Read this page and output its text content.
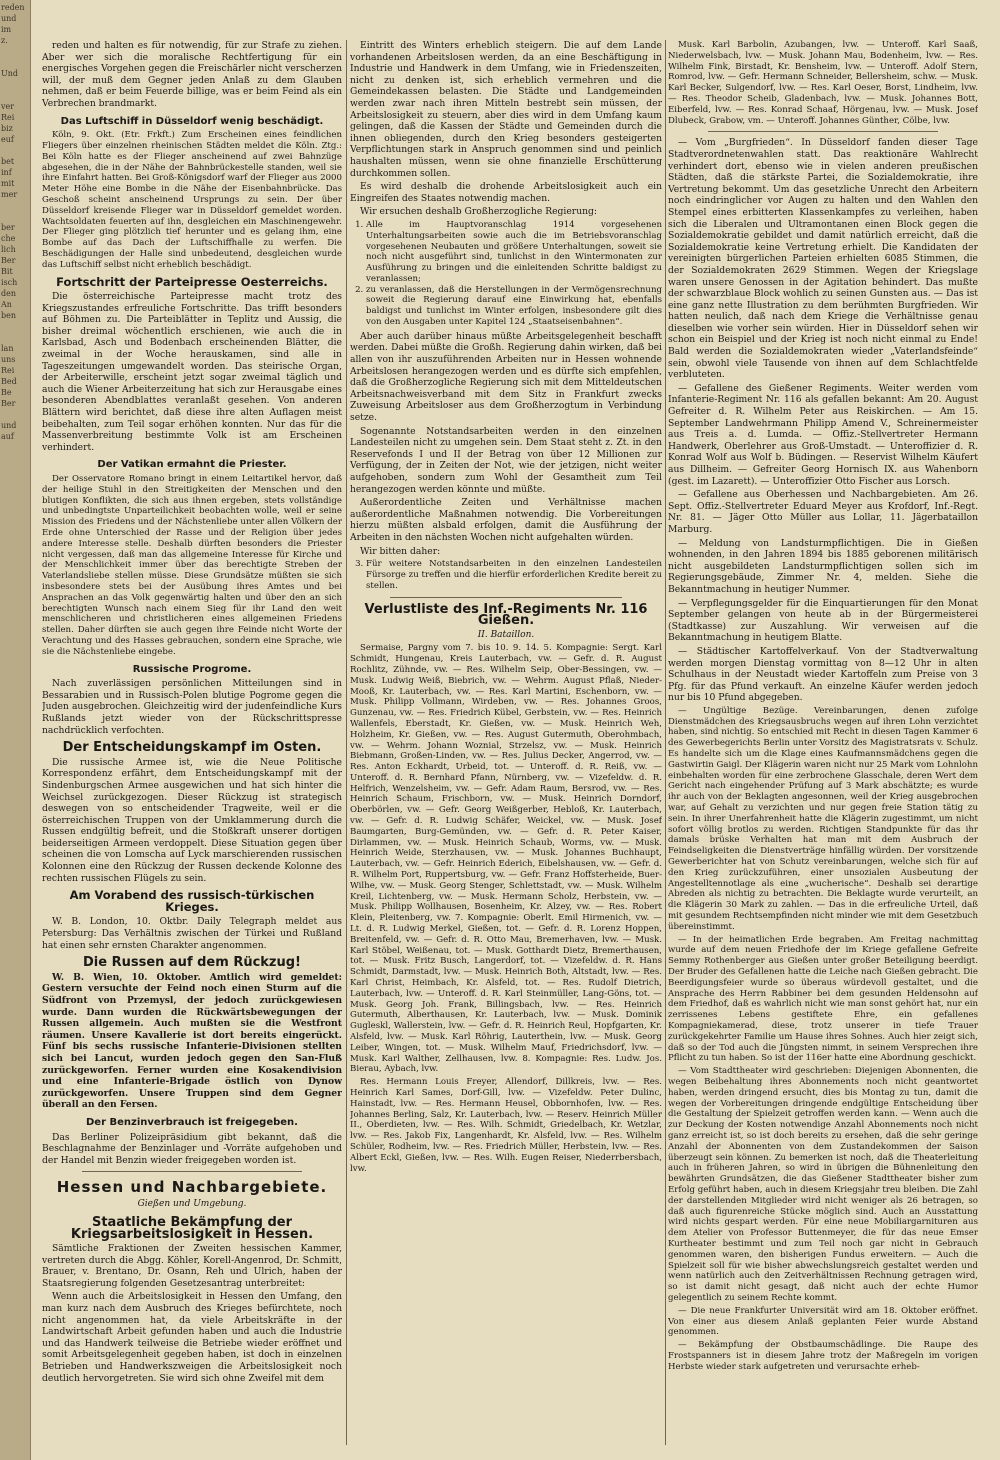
reden
und
im
z.

Und

ver
Rei
biz
euf

bet
inf
mit
mer

ber
che
lich
Ber
Bit
isch
den
An
ben

lan
uns
Rei
Bed
Be
Ber

und
auf

reden und halten es für notwendig, für zur Strafe zu ziehen. Aber wer sich die moralische Rechtfertigung für ein energisches Vorgehen gegen die Freischärler nicht verscherzen will, der muß dem Gegner jeden Anlaß zu dem Glauben nehmen, daß er beim Feuerde billige, was er beim Feind als ein Verbrechen brandmarkt.

Das Luftschiff in Düsseldorf wenig beschädigt.

Köln, 9. Okt. (Etr. Frkft.) Zum Erscheinen eines feindlichen Fliegers über einzelnen rheinischen Städten meldet die Köln. Ztg.: Bei Köln hatte es der Flieger anscheinend auf zwei Bahnzüge abgesehen, die in der Nähe der Bahnbrückestelle standen, weil sie ihre Einfahrt hatten. Bei Groß-Königsdorf warf der Flieger aus 2000 Meter Höhe eine Bombe in die Nähe der Eisenbahnbrücke. Das Geschoß scheint anscheinend Ursprungs zu sein. Der über Düsseldorf kreisende Flieger war in Düsseldorf gemeldet worden. Wachtsoldaten feuerten auf ihn, desgleichen ein Maschinengewehr. Der Flieger ging plötzlich tief herunter und es gelang ihm, eine Bombe auf das Dach der Luftschiffhalle zu werfen. Die Beschädigungen der Halle sind unbedeutend, desgleichen wurde das Luftschiff selbst nicht erheblich beschädigt.

Fortschritt der Parteipresse Oesterreichs.

Die österreichische Parteipresse macht trotz des Kriegszustandes erfreuliche Fortschritte. Das trifft besonders auf Böhmen zu. Die Parteiblätter in Teplitz und Aussig, die bisher dreimal wöchentlich erschienen, wie auch die in Karlsbad, Asch und Bodenbach erscheinenden Blätter, die zweimal in der Woche herauskamen, sind alle in Tageszeitungen umgewandelt worden. Das steirische Organ, der Arbeiterwille, erscheint jetzt sogar zweimal täglich und auch die Wiener Arbeiterzeitung hat sich zur Herausgabe eines besonderen Abendblattes veranlaßt gesehen. Von anderen Blättern wird berichtet, daß diese ihre alten Auflagen meist beibehalten, zum Teil sogar erhöhen konnten. Nur das für die Massenverbreitung bestimmte Volk ist am Erscheinen verhindert.

Der Vatikan ermahnt die Priester.

Der Osservatore Romano bringt in einem Leitartikel hervor, daß der heilige Stuhl in den Streitigkeiten der Menschen und den blutigen Konflikten, die sich aus ihnen ergeben, stets vollständige und unbedingtste Unparteilichkeit beobachten wolle, weil er seine Mission des Friedens und der Nächstenliebe unter allen Völkern der Erde ohne Unterschied der Rasse und der Religion über jedes andere Interesse stelle. Deshalb dürften besonders die Priester nicht vergessen, daß man das allgemeine Interesse für Kirche und der Menschlichkeit immer über das berechtigte Streben der Vaterlandsliebe stellen müsse. Diese Grundsätze müßten sie sich insbesondere stets bei der Ausübung ihres Amtes und bei Ansprachen an das Volk gegenwärtig halten und über den an sich berechtigten Wunsch nach einem Sieg für ihr Land den weit menschlicheren und christlicheren eines allgemeinen Friedens stellen. Daher dürften sie auch gegen ihre Feinde nicht Worte der Verachtung und des Hasses gebrauchen, sondern eine Sprache, wie sie die Nächstenliebe eingebe.

Russische Progrome.

Nach zuverlässigen persönlichen Mitteilungen sind in Bessarabien und in Russisch-Polen blutige Pogrome gegen die Juden ausgebrochen. Gleichzeitig wird der judenfeindliche Kurs Rußlands jetzt wieder von der Rückschrittspresse nachdrücklich verfochten.

Der Entscheidungskampf im Osten.

Die russische Armee ist, wie die Neue Politische Korrespondenz erfährt, dem Entscheidungskampf mit der Sindenburgschen Armee ausgewichen und hat sich hinter die Weichsel zurückgezogen. Dieser Rückzug ist strategisch deswegen von so entscheidender Tragweite, weil er die österreichischen Truppen von der Umklammerung durch die Russen endgültig befreit, und die Stoßkraft unserer dortigen beiderseitigen Armeen verdoppelt. Diese Situation gegen über scheinen die von Lomscha auf Lyck marschierenden russischen Kolonnen eine den Rückzug der Russen deckende Kolonne des rechten russischen Flügels zu sein.

Am Vorabend des russisch-türkischen Krieges.

W. B. London, 10. Oktbr. Daily Telegraph meldet aus Petersburg: Das Verhältnis zwischen der Türkei und Rußland hat einen sehr ernsten Charakter angenommen.

Die Russen auf dem Rückzug!

W. B. Wien, 10. Oktober. Amtlich wird gemeldet: Gestern versuchte der Feind noch einen Sturm auf die Südfront von Przemysl, der jedoch zurückgewiesen wurde. Dann wurden die Rückwärtsbewegungen der Russen allgemein. Auch mußten sie die Westfront räumen. Unsere Kavallerie ist dort bereits eingerückt. Fünf bis sechs russische Infanterie-Divisionen stellten sich bei Lancut, wurden jedoch gegen den San-Fluß zurückgeworfen. Ferner wurden eine Kosakendivision und eine Infanterie-Brigade östlich von Dynow zurückgeworfen. Unsere Truppen sind dem Gegner überall an den Fersen.

Der Benzinverbrauch ist freigegeben.

Das Berliner Polizeipräsidium gibt bekannt, daß die Beschlagnahme der Benzinlager und -Vorräte aufgehoben und der Handel mit Benzin wieder freigegeben worden ist.

Hessen und Nachbargebiete.
Gießen und Umgebung.
Staatliche Bekämpfung der Kriegsarbeitslosigkeit in Hessen.

Sämtliche Fraktionen der Zweiten hessischen Kammer, vertreten durch die Abgg. Köhler, Korell-Angenrod, Dr. Schmitt, Brauer, v. Brentano, Dr. Osann, Reh und Ulrich, haben der Staatsregierung folgenden Gesetzesantrag unterbreitet:

Wenn auch die Arbeitslosigkeit in Hessen den Umfang, den man kurz nach dem Ausbruch des Krieges befürchtete, noch nicht angenommen hat, da viele Arbeitskräfte in der Landwirtschaft Arbeit gefunden haben und auch die Industrie und das Handwerk teilweise die Betriebe wieder eröffnet und somit Arbeitsgelegenheit gegeben haben, ist doch in einzelnen Betrieben und Handwerkszweigen die Arbeitslosigkeit noch deutlich hervorgetreten. Sie wird sich ohne Zweifel mit dem

Eintritt des Winters erheblich steigern. Die auf dem Lande vorhandenen Arbeitslosen werden, da an eine Beschäftigung in Industrie und Handwerk in dem Umfang, wie in Friedenszeiten, nicht zu denken ist, sich erheblich vermehren und die Gemeindekassen belasten. Die Städte und Landgemeinden werden zwar nach ihren Mitteln bestrebt sein müssen, der Arbeitslosigkeit zu steuern, aber dies wird in dem Umfang kaum gelingen, daß die Kassen der Städte und Gemeinden durch die ihnen obliegenden, durch den Krieg besonders gesteigerten Verpflichtungen stark in Anspruch genommen sind und peinlich haushalten müssen, wenn sie ohne finanzielle Erschütterung durchkommen sollen.

Es wird deshalb die drohende Arbeitslosigkeit auch ein Eingreifen des Staates notwendig machen.

Wir ersuchen deshalb Großherzogliche Regierung:

1. Alle im Hauptvoranschlag 1914 vorgesehenen Unterhaltungsarbeiten sowie auch die im Betriebsvoranschlag vorgesehenen Neubauten und größere Unterhaltungen, soweit sie noch nicht ausgeführt sind, tunlichst in den Wintermonaten zur Ausführung zu bringen und die einleitenden Schritte baldigst zu veranlassen;
2. zu veranlassen, daß die Herstellungen in der Vermögensrechnung soweit die Regierung darauf eine Einwirkung hat, ebenfalls baldigst und tunlichst im Winter erfolgen, insbesondere gilt dies von den Ausgaben unter Kapitel 124 „Staatseisenbahnen“.

Aber auch darüber hinaus müßte Arbeitsgelegenheit beschafft werden. Dabei müßte die Großh. Regierung dahin wirken, daß bei allen von ihr auszuführenden Arbeiten nur in Hessen wohnende Arbeitslosen herangezogen werden und es dürfte sich empfehlen, daß die Großherzogliche Regierung sich mit dem Mitteldeutschen Arbeitsnachweisverband mit dem Sitz in Frankfurt zwecks Zuweisung Arbeitsloser aus dem Großherzogtum in Verbindung setze.

Sogenannte Notstandsarbeiten werden in den einzelnen Landesteilen nicht zu umgehen sein. Dem Staat steht z. Zt. in den Reservefonds I und II der Betrag von über 12 Millionen zur Verfügung, der in Zeiten der Not, wie der jetzigen, nicht weiter aufgehoben, sondern zum Wohl der Gesamtheit zum Teil herangezogen werden könnte und müßte.

Außerordentliche Zeiten und Verhältnisse machen außerordentliche Maßnahmen notwendig. Die Vorbereitungen hierzu müßten alsbald erfolgen, damit die Ausführung der Arbeiten in den nächsten Wochen nicht aufgehalten würden.

Wir bitten daher:

3. Für weitere Notstandsarbeiten in den einzelnen Landesteilen Fürsorge zu treffen und die hierfür erforderlichen Kredite bereit zu stellen.
Verlustliste des Inf.-Regiments Nr. 116 Gießen.
II. Bataillon.

Sermaise, Pargny vom 7. bis 10. 9. 14. 5. Kompagnie: Sergt. Karl Schmidt, Hungenau, Kreis Lauterbach, vw. — Gefr. d. R. August Rochlitz, Zühnde, vw. — Res. Wilhelm Seip, Ober-Bessingen, vw. — Musk. Ludwig Weiß, Biebrich, vw. — Wehrm. August Pflaß, Nieder-Mooß, Kr. Lauterbach, vw. — Res. Karl Martini, Eschenborn, vw. — Musk. Philipp Vollmann, Wirdeben, vw. — Res. Johannes Groos, Gunzenau, vw. — Res. Friedrich Kübel, Gerbstein, vw. — Res. Heinrich Wallenfels, Eberstadt, Kr. Gießen, vw. — Musk. Heinrich Weh, Holzheim, Kr. Gießen, vw. — Res. August Gutermuth, Oberohmbach, vw. — Wehrm. Johann Woznial, Strzelsz, vw. — Musk. Heinrich Biebmann, Großen-Linden, vw. — Res. Julius Decker, Angerrod, vw. — Res. Anton Eckhardt, Urbeid, tot. — Unteroff. d. R. Reiß, vw. — Unteroff. d. R. Bernhard Pfann, Nürnberg, vw. — Vizefeldw. d. R. Helfrich, Wenzelsheim, vw. — Gefr. Adam Raum, Bersrod, vw. — Res. Heinrich Schaum, Frischborn, vw. — Musk. Heinrich Dorndorf, Oberbörlen, vw. — Gefr. Georg Weißgerber, Hebloß, Kr. Lauterbach, vw. — Gefr. d. R. Ludwig Schäfer, Weickel, vw. — Musk. Josef Baumgarten, Burg-Gemünden, vw. — Gefr. d. R. Peter Kaiser, Dirlammen, vw. — Musk. Heinrich Schaub, Worms, vw. — Musk. Heinrich Weide, Sterzhausen, vw. — Musk. Johannes Buchhaupt, Lauterbach, vw. — Gefr. Heinrich Ederich, Eibelshausen, vw. — Gefr. d. R. Wilhelm Port, Ruppertsburg, vw. — Gefr. Franz Hoffsterheide, Buer-Wilhe, vw. — Musk. Georg Stenger, Schlettstadt, vw. — Musk. Wilhelm Kreil, Lichtenberg, vw. — Musk. Hermann Scholz, Herbstein, vw. — Musk. Philipp Wollhausen, Bosenheim, Kr. Alzey, vw. — Res. Robert Klein, Pleitenberg, vw. 7. Kompagnie: Oberlt. Emil Hirmenich, vw. — Lt. d. R. Ludwig Merkel, Gießen, tot. — Gefr. d. R. Lorenz Hoppen, Breitenfeld, vw. — Gefr. d. R. Otto Mau, Bremerhaven, lvw. — Musk. Karl Stöbel, Weißenau, tot. — Musk. Gotthardt Dietz, Bremerthausen, tot. — Musk. Fritz Busch, Langerdorf, tot. — Vizefeldw. d. R. Hans Schmidt, Darmstadt, lvw. — Musk. Heinrich Both, Altstadt, lvw. — Res. Karl Christ, Heimbach, Kr. Alsfeld, tot. — Res. Rudolf Dietrich, Lauterbach, lvw. — Unteroff. d. R. Karl Steinmüller, Lang-Göns, tot. — Musk. Georg Joh. Frank, Billingsbach, lvw. — Res. Heinrich Gutermuth, Alberthausen, Kr. Lauterbach, lvw. — Musk. Dominik Gugleskl, Wallerstein, lvw. — Gefr. d. R. Heinrich Reul, Hopfgarten, Kr. Alsfeld, lvw. — Musk. Karl Röhrig, Lauterthein, lvw. — Musk. Georg Leiber, Wingen, tot. — Musk. Wilhelm Mauf, Friedrichsdorf, lvw. — Musk. Karl Walther, Zellhausen, lvw. 8. Kompagnie: Res. Ludw. Jos. Bierau, Aybach, lvw.

Res. Hermann Louis Freyer, Allendorf, Dillkreis, lvw. — Res. Heinrich Karl Sames, Dorf-Gill, lvw. — Vizefeldw. Peter Dulinc, Hainstadt, lvw. — Res. Hermann Heusel, Obbornhofen, lvw. — Res. Johannes Berling, Salz, Kr. Lauterbach, lvw. — Reserv. Heinrich Müller II., Oberdieten, lvw. — Res. Wilh. Schmidt, Griedelbach, Kr. Wetzlar, lvw. — Res. Jakob Fix, Langenhardt, Kr. Alsfeld, lvw. — Res. Wilhelm Schüler, Rodheim, lvw. — Res. Friedrich Müller, Herbstein, lvw. — Res. Albert Eckl, Gießen, lvw. — Res. Wilh. Eugen Reiser, Niederrbersbach, lvw.

Musk. Karl Barbolin, Azubangen, lvw. — Unteroff. Karl Saaß, Niederwelsbach, lvw. — Musk. Johann Mau, Bodenheim, lvw. — Res. Wilhelm Fink, Birstadt, Kr. Bensheim, lvw. — Unteroff. Adolf Stern, Romrod, lvw. — Gefr. Hermann Schneider, Bellersheim, schw. — Musk. Karl Becker, Sulgendorf, lvw. — Res. Karl Oeser, Borst, Lindheim, lvw. — Res. Theodor Scheib, Gladenbach, lvw. — Musk. Johannes Bott, Eiberfeld, lvw. — Res. Konrad Schaaf, Hörgenau, lvw. — Musk. Josef Dlubeck, Grabow, vm. — Unteroff. Johannes Günther, Cölbe, lvw.

— Vom „Burgfrieden“. In Düsseldorf fanden dieser Tage Stadtverordnetenwahlen statt. Das reaktionäre Wahlrecht verhindert dort, ebenso wie in vielen anderen preußischen Städten, daß die stärkste Partei, die Sozialdemokratie, ihre Vertretung bekommt. Um das gesetzliche Unrecht den Arbeitern noch eindringlicher vor Augen zu halten und den Wahlen den Stempel eines erbitterten Klassenkampfes zu verleihen, haben sich die Liberalen und Ultramontanen einen Block gegen die Sozialdemokratie gebildet und damit natürlich erreicht, daß die Sozialdemokratie keine Vertretung erhielt. Die Kandidaten der vereinigten bürgerlichen Parteien erhielten 6085 Stimmen, die der Sozialdemokraten 2629 Stimmen. Wegen der Kriegslage waren unsere Genossen in der Agitation behindert. Das mußte der schwarzblaue Block wohlich zu seinen Gunsten aus. — Das ist eine ganz nette Illustration zu dem berühmten Burgfrieden. Wir hatten neulich, daß nach dem Kriege die Verhältnisse genau dieselben wie vorher sein würden. Hier in Düsseldorf sehen wir schon ein Beispiel und der Krieg ist noch nicht einmal zu Ende! Bald werden die Sozialdemokraten wieder „Vaterlandsfeinde“ sein, obwohl viele Tausende von ihnen auf dem Schlachtfelde verbluteten.

— Gefallene des Gießener Regiments. Weiter werden vom Infanterie-Regiment Nr. 116 als gefallen bekannt: Am 20. August Gefreiter d. R. Wilhelm Peter aus Reiskirchen. — Am 15. September Landwehrmann Philipp Amend V., Schreinermeister aus Treis a. d. Lumda. — Offiz.-Stellvertreter Hermann Handwerk, Oberlehrer aus Groß-Umstadt. — Unteroffizier d. R. Konrad Wolf aus Wolf b. Büdingen. — Reservist Wilhelm Käufert aus Dillheim. — Gefreiter Georg Hornisch IX. aus Wahenborn (gest. im Lazarett). — Unteroffizier Otto Fischer aus Lorsch.

— Gefallene aus Oberhessen und Nachbargebieten. Am 26. Sept. Offiz.-Stellvertreter Eduard Meyer aus Krofdorf, Inf.-Regt. Nr. 81. — Jäger Otto Müller aus Lollar, 11. Jägerbataillon Marburg.

— Meldung von Landsturmpflichtigen. Die in Gießen wohnenden, in den Jahren 1894 bis 1885 geborenen militärisch nicht ausgebildeten Landsturmpflichtigen sollen sich im Regierungsgebäude, Zimmer Nr. 4, melden. Siehe die Bekanntmachung in heutiger Nummer.

— Verpflegungsgelder für die Einquartierungen für den Monat September gelangen von heute ab in der Bürgermeisterei (Stadtkasse) zur Auszahlung. Wir verweisen auf die Bekanntmachung in heutigem Blatte.

— Städtischer Kartoffelverkauf. Von der Stadtverwaltung werden morgen Dienstag vormittag von 8—12 Uhr in alten Schulhaus in der Neustadt wieder Kartoffeln zum Preise von 3 Pfg. für das Pfund verkauft. An einzelne Käufer werden jedoch nur bis 10 Pfund abgegeben.

— Ungültige Bezüge. Vereinbarungen, denen zufolge Dienstmädchen des Kriegsausbruchs wegen auf ihren Lohn verzichtet haben, sind nichtig. So entschied mit Recht in diesen Tagen Kammer 6 des Gewerbegerichts Berlin unter Vorsitz des Magistratsrats v. Schulz. Es handelte sich um die Klage eines Kaufmannsmädchens gegen die Gastwirtin Gaigl. Der Klägerin waren nicht nur 25 Mark vom Lohnlohn einbehalten worden für eine zerbrochene Glasschale, deren Wert dem Gericht nach eingehender Prüfung auf 3 Mark abschätzte; es wurde ihr auch von der Beklagten angesonnen, weil der Krieg ausgebrochen war, auf Gehalt zu verzichten und nur gegen freie Station tätig zu sein. In ihrer Unerfahrenheit hatte die Klägerin zugestimmt, um nicht sofort völlig brotlos zu werden. Richtigen Standpunkte für das ihr damals brüske Verhalten hat man mit dem Ausbruch der Feindseligkeiten die Dienstverträge hinfällig würden. Der vorsitzende Gewerberichter hat von Schutz vereinbarungen, welche sich für auf den Krieg zurückzuführen, einer unsozialen Ausbeutung der Angestelltennotlage als eine „wucherische“. Deshalb sei derartige Abreden als nichtig zu betrachten. Die Beklagte wurde verurteilt, an die Klägerin 30 Mark zu zahlen. — Das in die erfreuliche Urteil, daß mit gesundem Rechtsempfinden nicht minder wie mit dem Gesetzbuch übereinstimmt.

— In der heimatlichen Erde begraben. Am Freitag nachmittag wurde auf dem neuen Friedhofe der im Kriege gefallene Gefreite Semmy Rothenberger aus Gießen unter großer Beteiligung beerdigt. Der Bruder des Gefallenen hatte die Leiche nach Gießen gebracht. Die Beerdigungsfeier wurde so überaus würdevoll gestaltet, und die Ansprache des Herrn Rabbiner bei dem gesunden Heldensohn auf dem Friedhof, daß es wahrlich nicht wie man sonst gehört hat, nur ein zerrissenes Lebens gestiftete Ehre, ein gefallenes Kompagniekamerad, diese, trotz unserer in tiefe Trauer zurückgekehrter Familie um Hause ihres Sohnes. Auch hier zeigt sich, daß so der Tod auch die Jüngsten nimmt, in seinem Versprechen ihre Pflicht zu tun haben. So ist der 116er hatte eine Abordnung geschickt.

— Vom Stadttheater wird geschrieben: Diejenigen Abonnenten, die wegen Beibehaltung ihres Abonnements noch nicht geantwortet haben, werden dringend ersucht, dies bis Montag zu tun, damit die wegen der Vorbereitungen dringende endgültige Entscheidung über die Gestaltung der Spielzeit getroffen werden kann. — Wenn auch die zur Deckung der Kosten notwendige Anzahl Abonnements noch nicht ganz erreicht ist, so ist doch bereits zu ersehen, daß die sehr geringe Anzahl der Abonnenten von dem Zustandekommen der Saison überzeugt sein können. Zu bemerken ist noch, daß die Theaterleitung auch in früheren Jahren, so wird in übrigen die Bühnenleitung den bewährten Grundsätzen, die das Gießener Stadttheater bisher zum Erfolg geführt haben, auch in diesem Kriegsjahr treu bleiben. Die Zahl der darstellenden Mitglieder wird nicht weniger als 26 betragen, so daß auch figurenreiche Stücke möglich sind. Auch an Ausstattung wird nichts gespart werden. Für eine neue Mobiliargarnituren aus dem Atelier von Professor Buttenmeyer, die für das neue Emser Kurtheater bestimmt und zum Teil noch gar nicht in Gebrauch genommen waren, den bisherigen Fundus erweitern. — Auch die Spielzeit soll für wie bisher abwechslungsreich gestaltet werden und wenn natürlich auch den Zeitverhältnissen Rechnung getragen wird, so ist damit nicht gesagt, daß nicht auch der echte Humor gelegentlich zu seinem Rechte kommt.

— Die neue Frankfurter Universität wird am 18. Oktober eröffnet. Von einer aus diesem Anlaß geplanten Feier wurde Abstand genommen.

— Bekämpfung der Obstbaumschädlinge. Die Raupe des Frostspanners ist in diesem Jahre trotz der Maßregeln im vorigen Herbste wieder stark aufgetreten und verursachte erheb-
